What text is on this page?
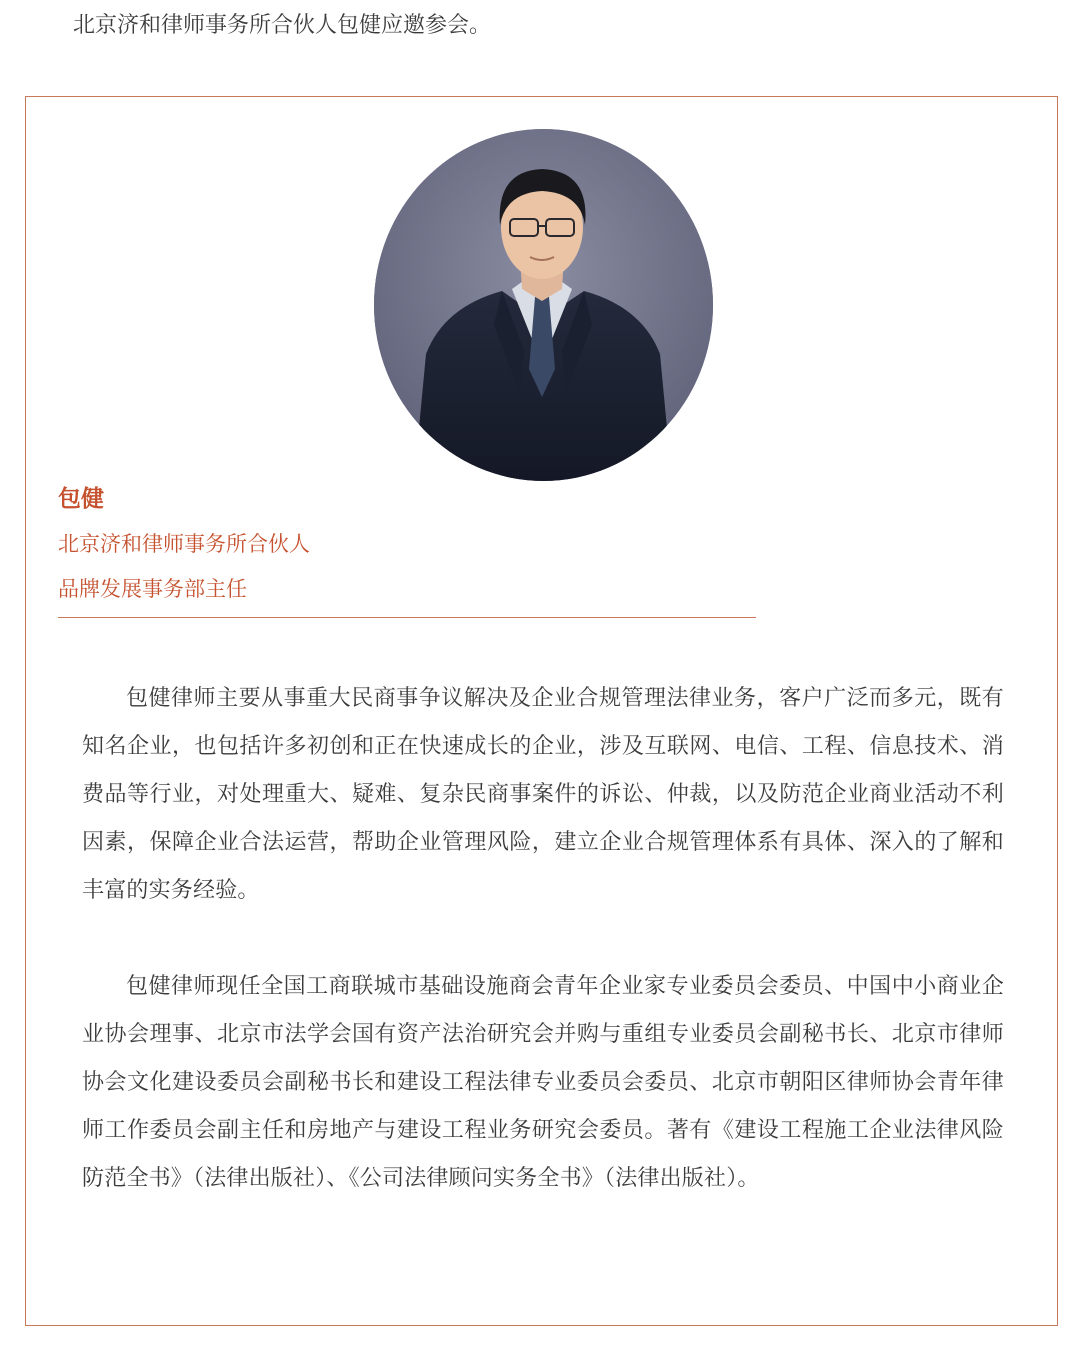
北京济和律师事务所合伙人包健应邀参会。
包健
北京济和律师事务所合伙人
品牌发展事务部主任

包健律师主要从事重大民商事争议解决及企业合规管理法律业务，客户广泛而多元，既有知名企业，也包括许多初创和正在快速成长的企业，涉及互联网、电信、工程、信息技术、消费品等行业，对处理重大、疑难、复杂民商事案件的诉讼、仲裁，以及防范企业商业活动不利因素，保障企业合法运营，帮助企业管理风险，建立企业合规管理体系有具体、深入的了解和丰富的实务经验。

包健律师现任全国工商联城市基础设施商会青年企业家专业委员会委员、中国中小商业企业协会理事、北京市法学会国有资产法治研究会并购与重组专业委员会副秘书长、北京市律师协会文化建设委员会副秘书长和建设工程法律专业委员会委员、北京市朝阳区律师协会青年律师工作委员会副主任和房地产与建设工程业务研究会委员。著有《建设工程施工企业法律风险防范全书》（法律出版社）、《公司法律顾问实务全书》（法律出版社）。
